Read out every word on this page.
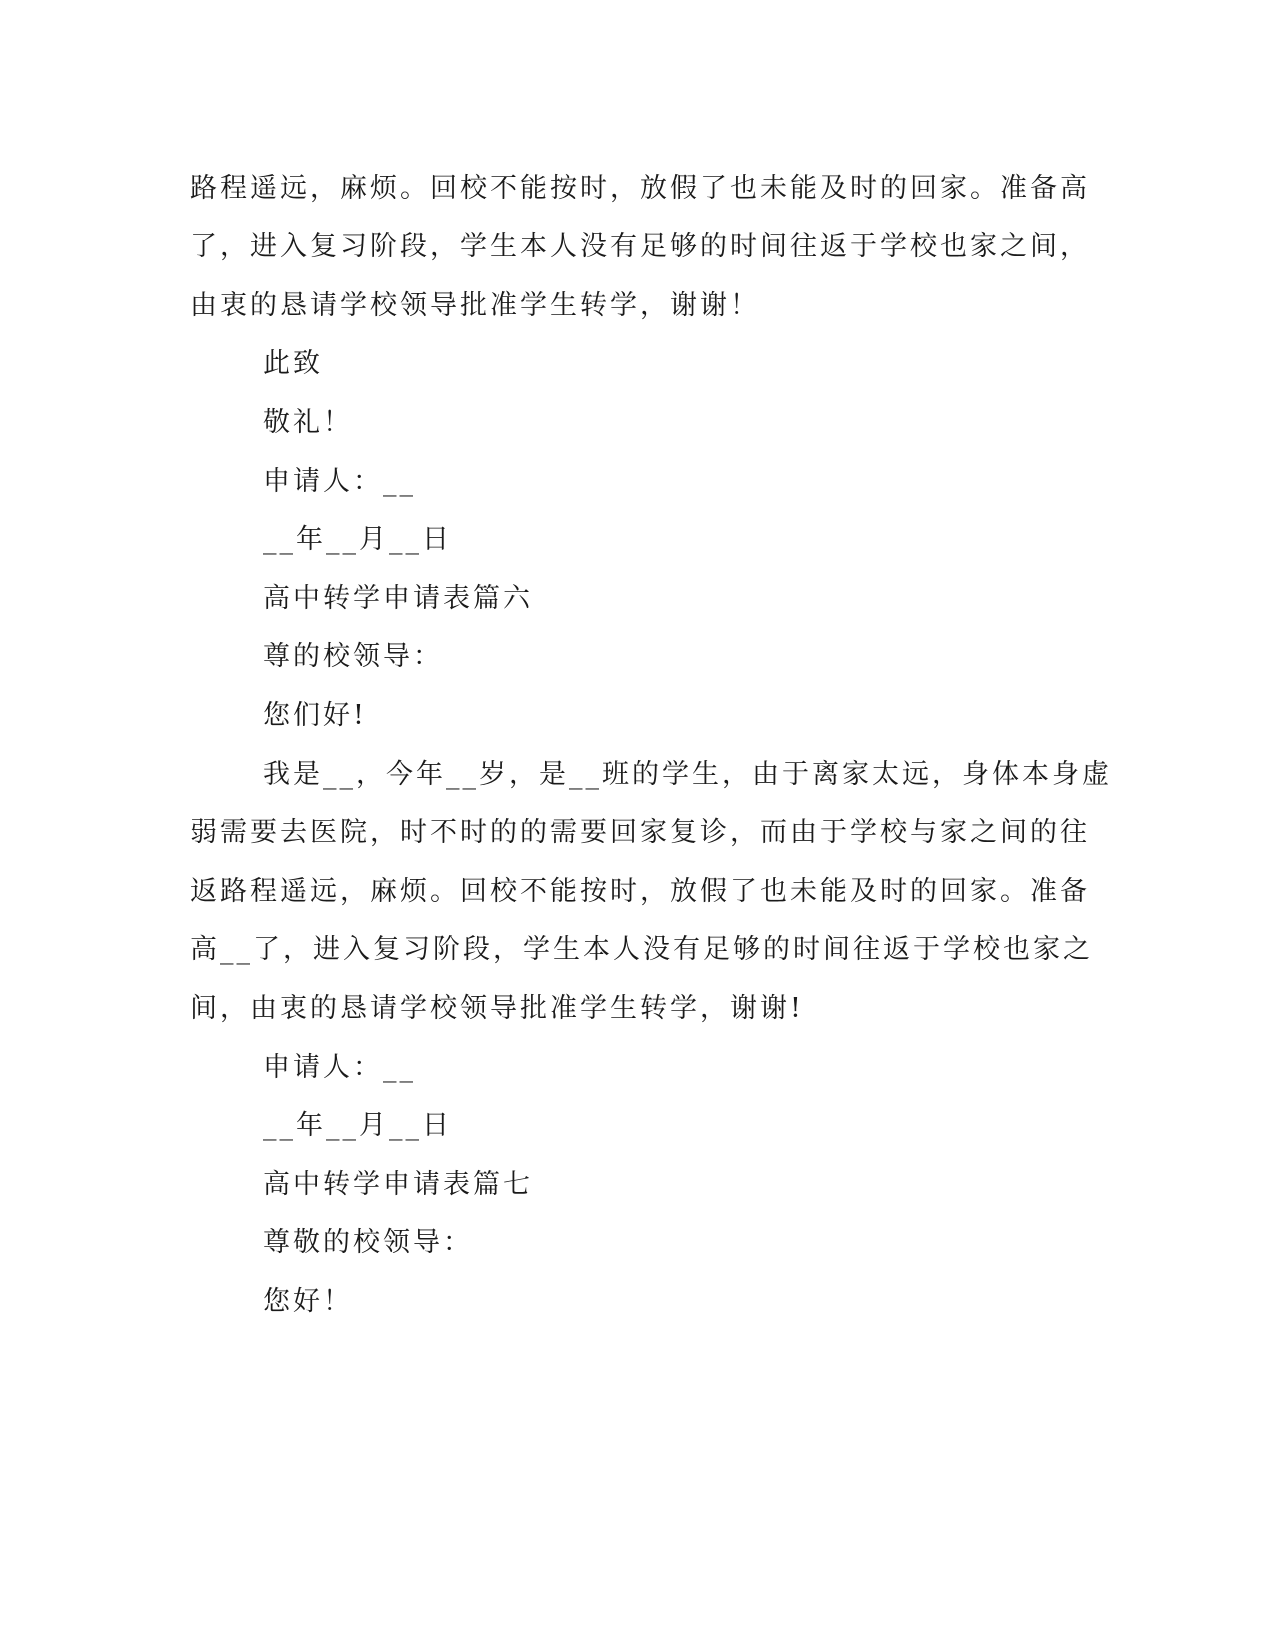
路程遥远，麻烦。回校不能按时，放假了也未能及时的回家。准备高
了，进入复习阶段，学生本人没有足够的时间往返于学校也家之间，
由衷的恳请学校领导批准学生转学，谢谢！
此致
敬礼！
申请人：__
__年__月__日
高中转学申请表篇六
尊的校领导：
您们好!
我是__，今年__岁，是__班的学生，由于离家太远，身体本身虚
弱需要去医院，时不时的的需要回家复诊，而由于学校与家之间的往
返路程遥远，麻烦。回校不能按时，放假了也未能及时的回家。准备
高__了，进入复习阶段，学生本人没有足够的时间往返于学校也家之
间，由衷的恳请学校领导批准学生转学，谢谢!
申请人：__
__年__月__日
高中转学申请表篇七
尊敬的校领导：
您好！
